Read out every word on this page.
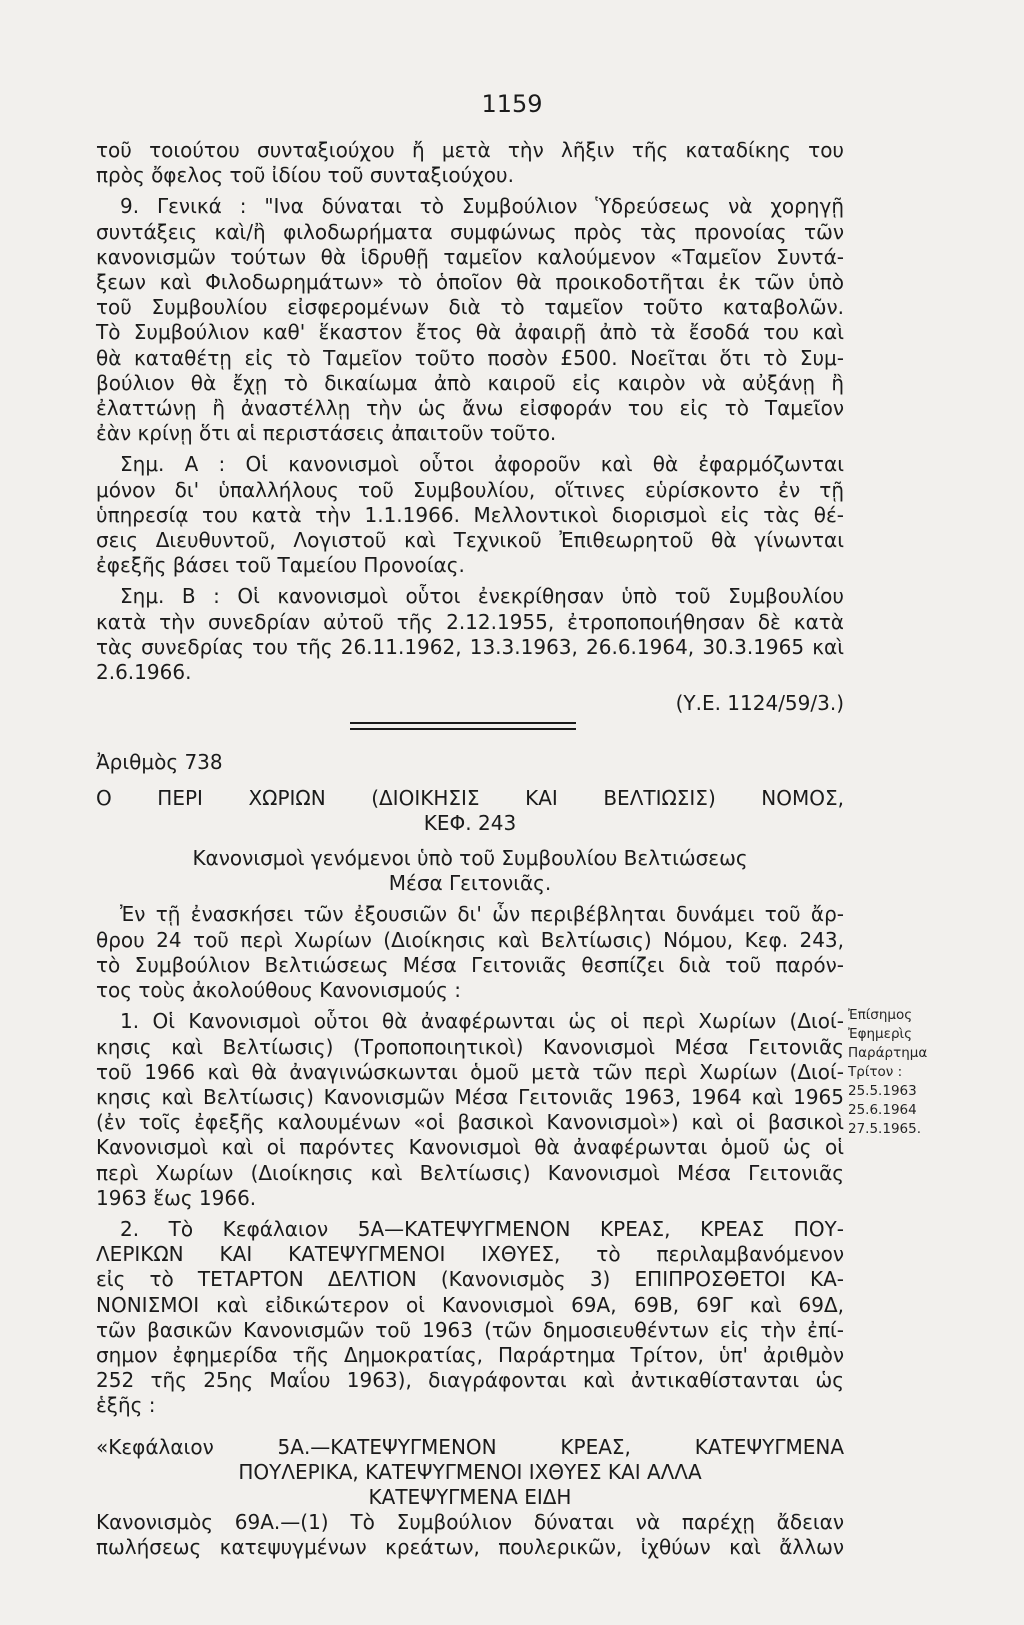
1159
τοῦ τοιούτου συνταξιούχου ἤ μετὰ τὴν λῆξιν τῆς καταδίκης του
πρὸς ὄφελος τοῦ ἰδίου τοῦ συνταξιούχου.
9. Γενικά : "Ινα δύναται τὸ Συμβούλιον Ὑδρεύσεως νὰ χορηγῇ
συντάξεις καὶ/ἢ φιλοδωρήματα συμφώνως πρὸς τὰς προνοίας τῶν
κανονισμῶν τούτων θὰ ἱδρυθῇ ταμεῖον καλούμενον «Ταμεῖον Συντά-
ξεων καὶ Φιλοδωρημάτων» τὸ ὁποῖον θὰ προικοδοτῆται ἐκ τῶν ὑπὸ
τοῦ Συμβουλίου εἰσφερομένων διὰ τὸ ταμεῖον τοῦτο καταβολῶν.
Τὸ Συμβούλιον καθ' ἕκαστον ἔτος θὰ ἀφαιρῇ ἀπὸ τὰ ἔσοδά του καὶ
θὰ καταθέτῃ εἰς τὸ Ταμεῖον τοῦτο ποσὸν £500. Νοεῖται ὅτι τὸ Συμ-
βούλιον θὰ ἔχῃ τὸ δικαίωμα ἀπὸ καιροῦ εἰς καιρὸν νὰ αὐξάνῃ ἢ
ἐλαττώνῃ ἢ ἀναστέλλῃ τὴν ὡς ἄνω εἰσφοράν του εἰς τὸ Ταμεῖον
ἐὰν κρίνῃ ὅτι αἱ περιστάσεις ἀπαιτοῦν τοῦτο.
Σημ. Α : Οἱ κανονισμοὶ οὗτοι ἀφοροῦν καὶ θὰ ἐφαρμόζωνται
μόνον δι' ὑπαλλήλους τοῦ Συμβουλίου, οἵτινες εὑρίσκοντο ἐν τῇ
ὑπηρεσίᾳ του κατὰ τὴν 1.1.1966. Μελλοντικοὶ διορισμοὶ εἰς τὰς θέ-
σεις Διευθυντοῦ, Λογιστοῦ καὶ Τεχνικοῦ Ἐπιθεωρητοῦ θὰ γίνωνται
ἐφεξῆς βάσει τοῦ Ταμείου Προνοίας.
Σημ. Β : Οἱ κανονισμοὶ οὗτοι ἐνεκρίθησαν ὑπὸ τοῦ Συμβουλίου
κατὰ τὴν συνεδρίαν αὐτοῦ τῆς 2.12.1955, ἐτροποποιήθησαν δὲ κατὰ
τὰς συνεδρίας του τῆς 26.11.1962, 13.3.1963, 26.6.1964, 30.3.1965 καὶ
2.6.1966.
(Υ.Ε. 1124/59/3.)
Ἀριθμὸς 738
Ο ΠΕΡΙ ΧΩΡΙΩΝ (ΔΙΟΙΚΗΣΙΣ ΚΑΙ ΒΕΛΤΙΩΣΙΣ) ΝΟΜΟΣ,
ΚΕΦ. 243
Κανονισμοὶ γενόμενοι ὑπὸ τοῦ Συμβουλίου Βελτιώσεως
Μέσα Γειτονιᾶς.
Ἐν τῇ ἐνασκήσει τῶν ἐξουσιῶν δι' ὧν περιβέβληται δυνάμει τοῦ ἄρ-
θρου 24 τοῦ περὶ Χωρίων (Διοίκησις καὶ Βελτίωσις) Νόμου, Κεφ. 243,
τὸ Συμβούλιον Βελτιώσεως Μέσα Γειτονιᾶς θεσπίζει διὰ τοῦ παρόν-
τος τοὺς ἀκολούθους Κανονισμούς :
1. Οἱ Κανονισμοὶ οὗτοι θὰ ἀναφέρωνται ὡς οἱ περὶ Χωρίων (Διοί-
κησις καὶ Βελτίωσις) (Τροποποιητικοὶ) Κανονισμοὶ Μέσα Γειτονιᾶς
τοῦ 1966 καὶ θὰ ἀναγινώσκωνται ὁμοῦ μετὰ τῶν περὶ Χωρίων (Διοί-
κησις καὶ Βελτίωσις) Κανονισμῶν Μέσα Γειτονιᾶς 1963, 1964 καὶ 1965
(ἐν τοῖς ἐφεξῆς καλουμένων «οἱ βασικοὶ Κανονισμοὶ») καὶ οἱ βασικοὶ
Κανονισμοὶ καὶ οἱ παρόντες Κανονισμοὶ θὰ ἀναφέρωνται ὁμοῦ ὡς οἱ
περὶ Χωρίων (Διοίκησις καὶ Βελτίωσις) Κανονισμοὶ Μέσα Γειτονιᾶς
1963 ἕως 1966.
2. Τὸ Κεφάλαιον 5Α—ΚΑΤΕΨΥΓΜΕΝΟΝ ΚΡΕΑΣ, ΚΡΕΑΣ ΠΟΥ-
ΛΕΡΙΚΩΝ ΚΑΙ ΚΑΤΕΨΥΓΜΕΝΟΙ ΙΧΘΥΕΣ, τὸ περιλαμβανόμενον
εἰς τὸ ΤΕΤΑΡΤΟΝ ΔΕΛΤΙΟΝ (Κανονισμὸς 3) ΕΠΙΠΡΟΣΘΕΤΟΙ ΚΑ-
ΝΟΝΙΣΜΟΙ καὶ εἰδικώτερον οἱ Κανονισμοὶ 69Α, 69Β, 69Γ καὶ 69Δ,
τῶν βασικῶν Κανονισμῶν τοῦ 1963 (τῶν δημοσιευθέντων εἰς τὴν ἐπί-
σημον ἐφημερίδα τῆς Δημοκρατίας, Παράρτημα Τρίτον, ὑπ' ἀριθμὸν
252 τῆς 25ης Μαΐου 1963), διαγράφονται καὶ ἀντικαθίστανται ὡς
ἑξῆς :
«Κεφάλαιον 5Α.—ΚΑΤΕΨΥΓΜΕΝΟΝ ΚΡΕΑΣ, ΚΑΤΕΨΥΓΜΕΝΑ
ΠΟΥΛΕΡΙΚΑ, ΚΑΤΕΨΥΓΜΕΝΟΙ ΙΧΘΥΕΣ ΚΑΙ ΑΛΛΑ
ΚΑΤΕΨΥΓΜΕΝΑ ΕΙΔΗ
Κανονισμὸς 69Α.—(1) Τὸ Συμβούλιον δύναται νὰ παρέχῃ ἄδειαν
πωλήσεως κατεψυγμένων κρεάτων, πουλερικῶν, ἰχθύων καὶ ἄλλων
Ἐπίσημος
Ἐφημερὶς
Παράρτημα
Τρίτον :
25.5.1963
25.6.1964
27.5.1965.
